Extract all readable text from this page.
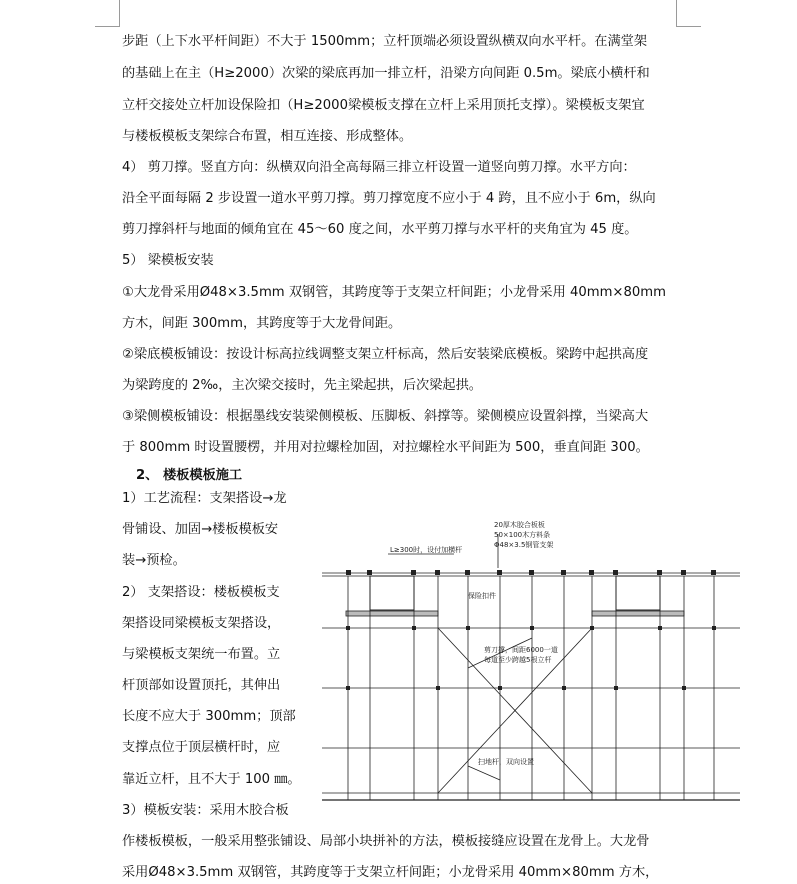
步距（上下水平杆间距）不大于 1500mm；立杆顶端必须设置纵横双向水平杆。在满堂架
的基础上在主（H≥2000）次梁的梁底再加一排立杆，沿梁方向间距 0.5m。梁底小横杆和
立杆交接处立杆加设保险扣（H≥2000梁模板支撑在立杆上采用顶托支撑）。梁模板支架宜
与楼板模板支架综合布置，相互连接、形成整体。
4） 剪刀撑。竖直方向：纵横双向沿全高每隔三排立杆设置一道竖向剪刀撑。水平方向：
沿全平面每隔 2 步设置一道水平剪刀撑。剪刀撑宽度不应小于 4 跨，且不应小于 6m，纵向
剪刀撑斜杆与地面的倾角宜在 45～60 度之间，水平剪刀撑与水平杆的夹角宜为 45 度。
5） 梁模板安装
①大龙骨采用Ø48×3.5mm 双钢管，其跨度等于支架立杆间距；小龙骨采用 40mm×80mm
方木，间距 300mm，其跨度等于大龙骨间距。
②梁底模板铺设：按设计标高拉线调整支架立杆标高，然后安装梁底模板。梁跨中起拱高度
为梁跨度的 2‰，主次梁交接时，先主梁起拱，后次梁起拱。
③梁侧模板铺设：根据墨线安装梁侧模板、压脚板、斜撑等。梁侧模应设置斜撑，当梁高大
于 800mm 时设置腰楞，并用对拉螺栓加固，对拉螺栓水平间距为 500，垂直间距 300。
2、 楼板模板施工
1）工艺流程：支架搭设→龙
骨铺设、加固→楼板模板安
装→预检。
2） 支架搭设：楼板模板支
架搭设同梁模板支架搭设，
与梁模板支架统一布置。立
杆顶部如设置顶托，其伸出
长度不应大于 300mm；顶部
支撑点位于顶层横杆时，应
靠近立杆，且不大于 100 ㎜。
3）模板安装：采用木胶合板
作楼板模板，一般采用整张铺设、局部小块拼补的方法，模板接缝应设置在龙骨上。大龙骨
采用Ø48×3.5mm 双钢管，其跨度等于支架立杆间距；小龙骨采用 40mm×80mm 方木，
20厚木胶合板板
50×100木方料条
Φ48×3.5钢管支架
L≥300时，设付加横杆
保险扣件
剪刀撑，间距6000一道
每道至少跨越5根立杆
扫地杆，双向设置
